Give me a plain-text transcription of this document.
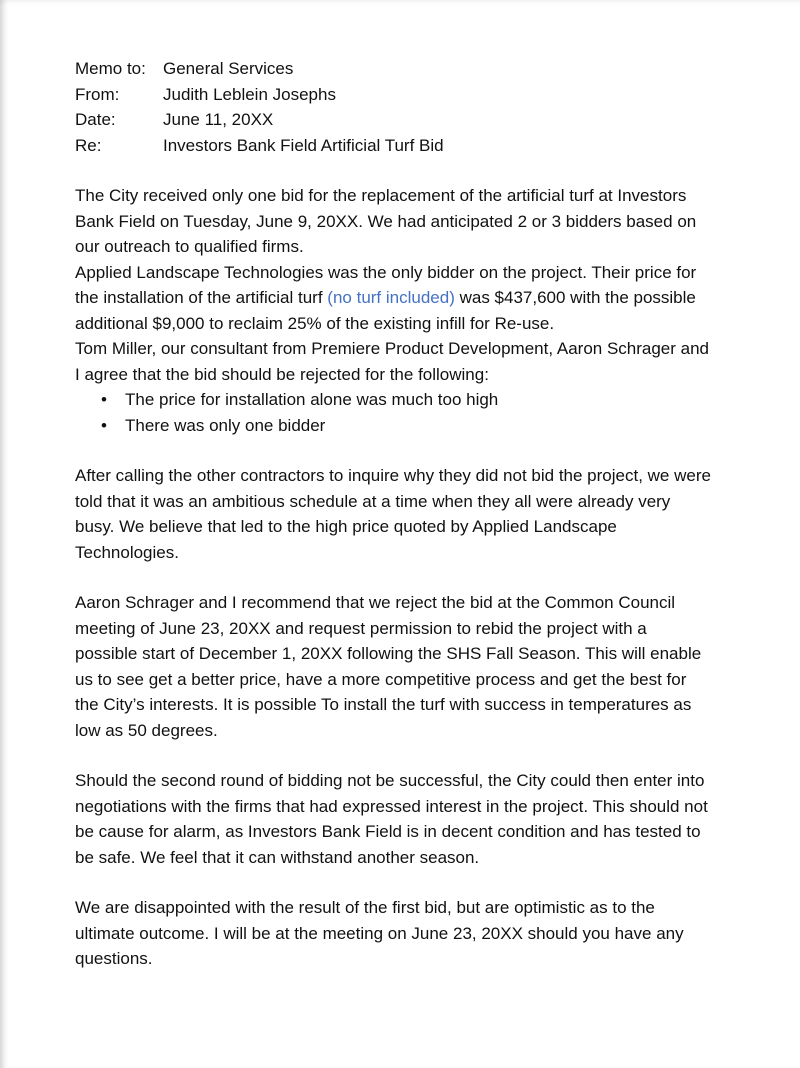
Memo to:	General Services
From:	Judith Leblein Josephs
Date:	June 11, 20XX
Re:	Investors Bank Field Artificial Turf Bid

The City received only one bid for the replacement of the artificial turf at Investors Bank Field on Tuesday, June 9, 20XX. We had anticipated 2 or 3 bidders based on our outreach to qualified firms.

Applied Landscape Technologies was the only bidder on the project. Their price for the installation of the artificial turf (no turf included) was $437,600 with the possible additional $9,000 to reclaim 25% of the existing infill for Re-use.

Tom Miller, our consultant from Premiere Product Development, Aaron Schrager and I agree that the bid should be rejected for the following:

• The price for installation alone was much too high
• There was only one bidder

After calling the other contractors to inquire why they did not bid the project, we were told that it was an ambitious schedule at a time when they all were already very busy. We believe that led to the high price quoted by Applied Landscape Technologies.

Aaron Schrager and I recommend that we reject the bid at the Common Council meeting of June 23, 20XX and request permission to rebid the project with a possible start of December 1, 20XX following the SHS Fall Season. This will enable us to see get a better price, have a more competitive process and get the best for the City’s interests. It is possible To install the turf with success in temperatures as low as 50 degrees.

Should the second round of bidding not be successful, the City could then enter into negotiations with the firms that had expressed interest in the project. This should not be cause for alarm, as Investors Bank Field is in decent condition and has tested to be safe. We feel that it can withstand another season.

We are disappointed with the result of the first bid, but are optimistic as to the ultimate outcome. I will be at the meeting on June 23, 20XX should you have any questions.
